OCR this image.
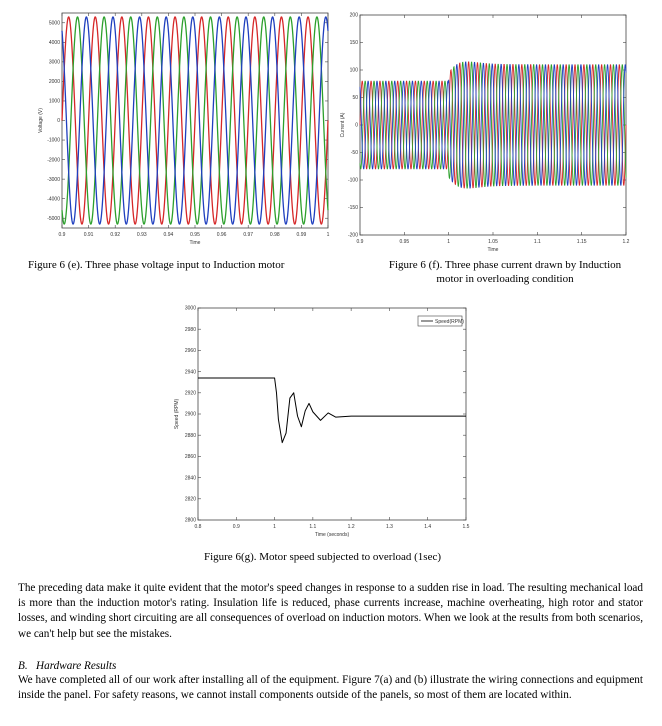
0.9	0.91	0.92	0.93	0.94	0.95	0.96	0.97	0.98	0.99	1
5000
4000
3000
2000
1000
0
-1000
-2000
-3000
-4000
-5000
Time
Voltage (V)
Figure 6 (e). Three phase voltage input to Induction motor
0.9	0.95	1	1.05	1.1	1.15	1.2
200
150
100
50
0
-50
-100
-150
-200
Time
Current (A)
Figure 6 (f). Three phase current drawn by Induction
motor in overloading condition
0.8	0.9	1	1.1	1.2	1.3	1.4	1.5
3000
2980
2960
2940
2920
2900
2880
2860
2840
2820
2800
Time (seconds)
Speed (RPM)
Speed(RPM)
Figure 6(g). Motor speed subjected to overload (1sec)
The preceding data make it quite evident that the motor's speed changes in response to a sudden rise in load. The resulting mechanical load is more than the induction motor's rating. Insulation life is reduced, phase currents increase, machine overheating, high rotor and stator losses, and winding short circuiting are all consequences of overload on induction motors. When we look at the results from both scenarios, we can't help but see the mistakes.
B. Hardware Results
We have completed all of our work after installing all of the equipment. Figure 7(a) and (b) illustrate the wiring connections and equipment inside the panel. For safety reasons, we cannot install components outside of the panels, so most of them are located within.
